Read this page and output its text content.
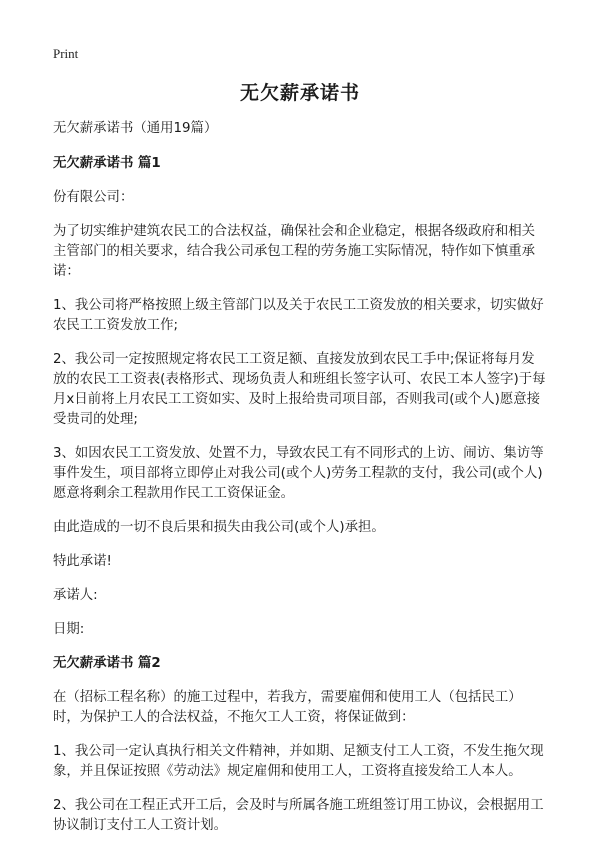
Print
无欠薪承诺书

无欠薪承诺书（通用19篇）

无欠薪承诺书 篇1

份有限公司：

为了切实维护建筑农民工的合法权益，确保社会和企业稳定，根据各级政府和相关主管部门的相关要求，结合我公司承包工程的劳务施工实际情况，特作如下慎重承诺：

1、我公司将严格按照上级主管部门以及关于农民工工资发放的相关要求，切实做好农民工工资发放工作;

2、我公司一定按照规定将农民工工资足额、直接发放到农民工手中;保证将每月发放的农民工工资表(表格形式、现场负责人和班组长签字认可、农民工本人签字)于每月x日前将上月农民工工资如实、及时上报给贵司项目部，否则我司(或个人)愿意接受贵司的处理;

3、如因农民工工资发放、处置不力，导致农民工有不同形式的上访、闹访、集访等事件发生，项目部将立即停止对我公司(或个人)劳务工程款的支付，我公司(或个人)愿意将剩余工程款用作民工工资保证金。

由此造成的一切不良后果和损失由我公司(或个人)承担。

特此承诺!

承诺人:

日期:

无欠薪承诺书 篇2

在（招标工程名称）的施工过程中，若我方，需要雇佣和使用工人（包括民工）时，为保护工人的合法权益，不拖欠工人工资，将保证做到：

1、我公司一定认真执行相关文件精神，并如期、足额支付工人工资，不发生拖欠现象，并且保证按照《劳动法》规定雇佣和使用工人，工资将直接发给工人本人。

2、我公司在工程正式开工后，会及时与所属各施工班组签订用工协议，会根据用工协议制订支付工人工资计划。
